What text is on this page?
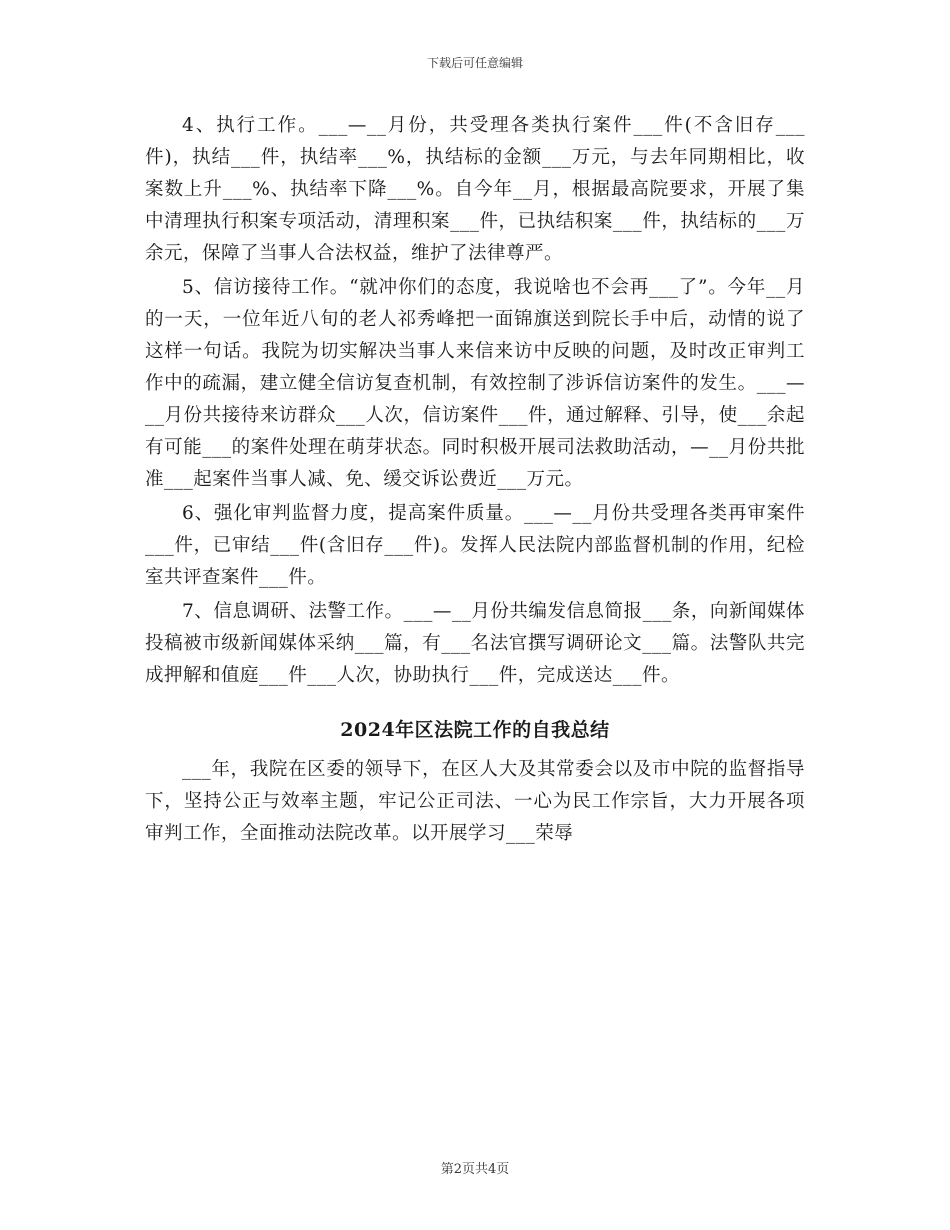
下载后可任意编辑

4、执行工作。___—__月份，共受理各类执行案件___件(不含旧存___件)，执结___件，执结率___%，执结标的金额___万元，与去年同期相比，收案数上升___%、执结率下降___%。自今年__月，根据最高院要求，开展了集中清理执行积案专项活动，清理积案___件，已执结积案___件，执结标的___万余元，保障了当事人合法权益，维护了法律尊严。

5、信访接待工作。“就冲你们的态度，我说啥也不会再___了”。今年__月的一天，一位年近八旬的老人祁秀峰把一面锦旗送到院长手中后，动情的说了这样一句话。我院为切实解决当事人来信来访中反映的问题，及时改正审判工作中的疏漏，建立健全信访复查机制，有效控制了涉诉信访案件的发生。___—__月份共接待来访群众___人次，信访案件___件，通过解释、引导，使___余起有可能___的案件处理在萌芽状态。同时积极开展司法救助活动，—__月份共批准___起案件当事人减、免、缓交诉讼费近___万元。

6、强化审判监督力度，提高案件质量。___—__月份共受理各类再审案件___件，已审结___件(含旧存___件)。发挥人民法院内部监督机制的作用，纪检室共评查案件___件。

7、信息调研、法警工作。___—__月份共编发信息简报___条，向新闻媒体投稿被市级新闻媒体采纳___篇，有___名法官撰写调研论文___篇。法警队共完成押解和值庭___件___人次，协助执行___件，完成送达___件。

2024年区法院工作的自我总结

___年，我院在区委的领导下，在区人大及其常委会以及市中院的监督指导下，坚持公正与效率主题，牢记公正司法、一心为民工作宗旨，大力开展各项审判工作，全面推动法院改革。以开展学习___荣辱

第2页共4页
